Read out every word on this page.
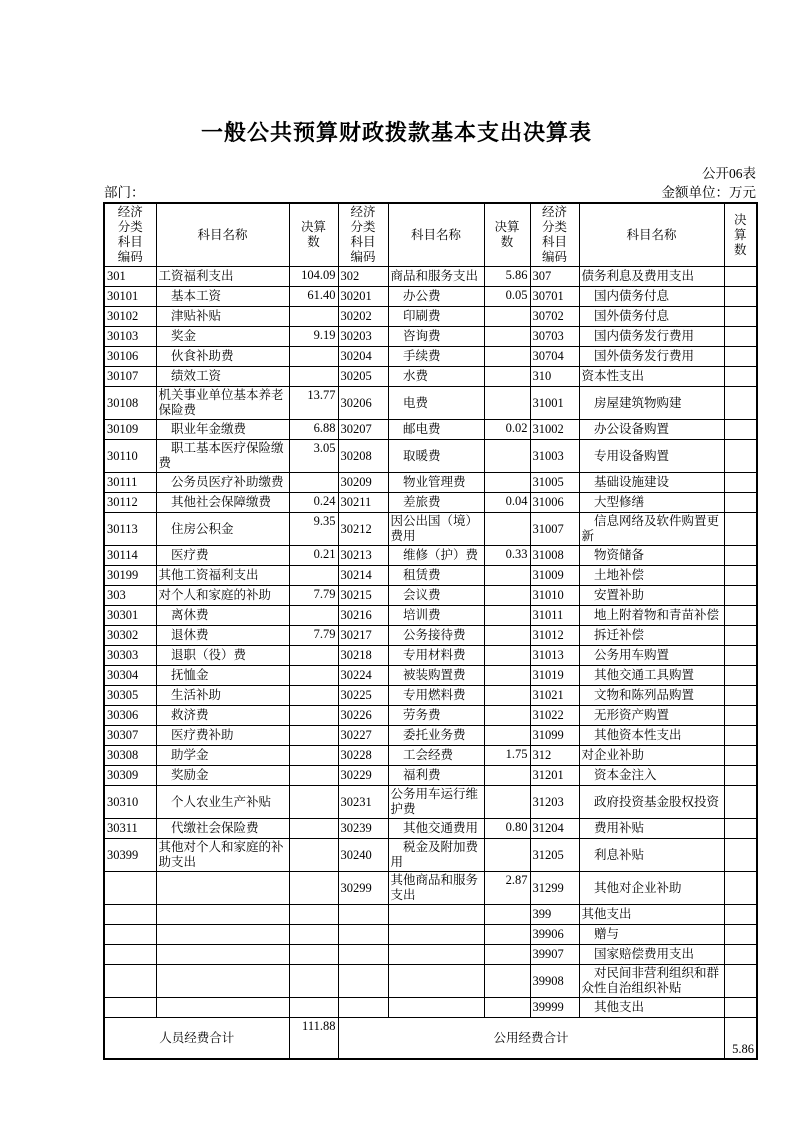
一般公共预算财政拨款基本支出决算表
公开06表
部门：	金额单位：万元
经济分类科目编码	科目名称	决算数	经济分类科目编码	科目名称	决算数	经济分类科目编码	科目名称	决算数

301	工资福利支出	104.09	302	商品和服务支出	5.86	307	债务利息及费用支出	
30101	　基本工资	61.40	30201	　办公费	0.05	30701	　国内债务付息	
30102	　津贴补贴		30202	　印刷费		30702	　国外债务付息	
30103	　奖金	9.19	30203	　咨询费		30703	　国内债务发行费用	
30106	　伙食补助费		30204	　手续费		30704	　国外债务发行费用	
30107	　绩效工资		30205	　水费		310	资本性支出	
30108	机关事业单位基本养老保险费	13.77	30206	　电费		31001	　房屋建筑物购建	
30109	　职业年金缴费	6.88	30207	　邮电费	0.02	31002	　办公设备购置	
30110	　职工基本医疗保险缴费	3.05	30208	　取暖费		31003	　专用设备购置	
30111	　公务员医疗补助缴费		30209	　物业管理费		31005	　基础设施建设	
30112	　其他社会保障缴费	0.24	30211	　差旅费	0.04	31006	　大型修缮	
30113	　住房公积金	9.35	30212	因公出国（境）费用		31007	　信息网络及软件购置更新	
30114	　医疗费	0.21	30213	　维修（护）费	0.33	31008	　物资储备	
30199	其他工资福利支出		30214	　租赁费		31009	　土地补偿	
303	对个人和家庭的补助	7.79	30215	　会议费		31010	　安置补助	
30301	　离休费		30216	　培训费		31011	　地上附着物和青苗补偿	
30302	　退休费	7.79	30217	　公务接待费		31012	　拆迁补偿	
30303	　退职（役）费		30218	　专用材料费		31013	　公务用车购置	
30304	　抚恤金		30224	　被装购置费		31019	　其他交通工具购置	
30305	　生活补助		30225	　专用燃料费		31021	　文物和陈列品购置	
30306	　救济费		30226	　劳务费		31022	　无形资产购置	
30307	　医疗费补助		30227	　委托业务费		31099	　其他资本性支出	
30308	　助学金		30228	　工会经费	1.75	312	对企业补助	
30309	　奖励金		30229	　福利费		31201	　资本金注入	
30310	　个人农业生产补贴		30231	公务用车运行维护费		31203	　政府投资基金股权投资	
30311	　代缴社会保险费		30239	　其他交通费用	0.80	31204	　费用补贴	
30399	其他对个人和家庭的补助支出		30240	　税金及附加费用		31205	　利息补贴	
			30299	其他商品和服务支出	2.87	31299	　其他对企业补助	
						399	其他支出	
						39906	　赠与	
						39907	　国家赔偿费用支出	
						39908	　对民间非营利组织和群众性自治组织补贴	
						39999	　其他支出	
人员经费合计		111.88	公用经费合计					5.86
